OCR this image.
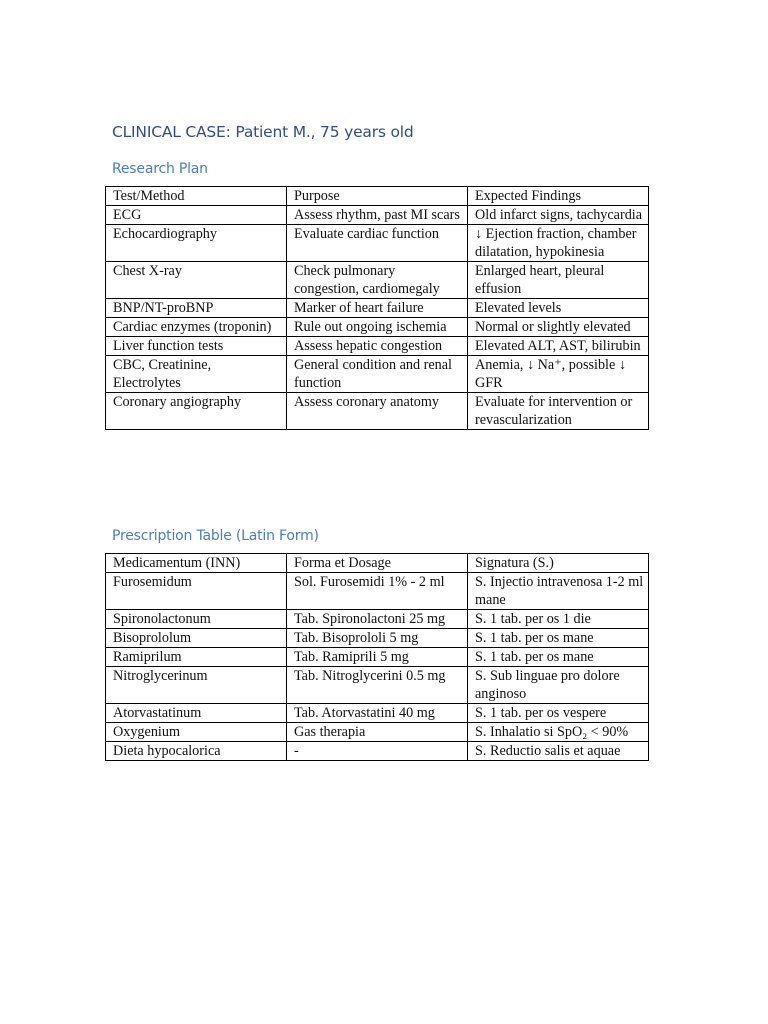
CLINICAL CASE: Patient M., 75 years old
Research Plan
Test/Method	Purpose	Expected Findings
ECG	Assess rhythm, past MI scars	Old infarct signs, tachycardia
Echocardiography	Evaluate cardiac function	↓ Ejection fraction, chamber dilatation, hypokinesia
Chest X-ray	Check pulmonary congestion, cardiomegaly	Enlarged heart, pleural effusion
BNP/NT-proBNP	Marker of heart failure	Elevated levels
Cardiac enzymes (troponin)	Rule out ongoing ischemia	Normal or slightly elevated
Liver function tests	Assess hepatic congestion	Elevated ALT, AST, bilirubin
CBC, Creatinine, Electrolytes	General condition and renal function	Anemia, ↓ Na⁺, possible ↓ GFR
Coronary angiography	Assess coronary anatomy	Evaluate for intervention or revascularization
Prescription Table (Latin Form)
Medicamentum (INN)	Forma et Dosage	Signatura (S.)
Furosemidum	Sol. Furosemidi 1% - 2 ml	S. Injectio intravenosa 1-2 ml mane
Spironolactonum	Tab. Spironolactoni 25 mg	S. 1 tab. per os 1 die
Bisoprololum	Tab. Bisoprololi 5 mg	S. 1 tab. per os mane
Ramiprilum	Tab. Ramiprili 5 mg	S. 1 tab. per os mane
Nitroglycerinum	Tab. Nitroglycerini 0.5 mg	S. Sub linguae pro dolore anginoso
Atorvastatinum	Tab. Atorvastatini 40 mg	S. 1 tab. per os vespere
Oxygenium	Gas therapia	S. Inhalatio si SpO₂ < 90%
Dieta hypocalorica	-	S. Reductio salis et aquae
